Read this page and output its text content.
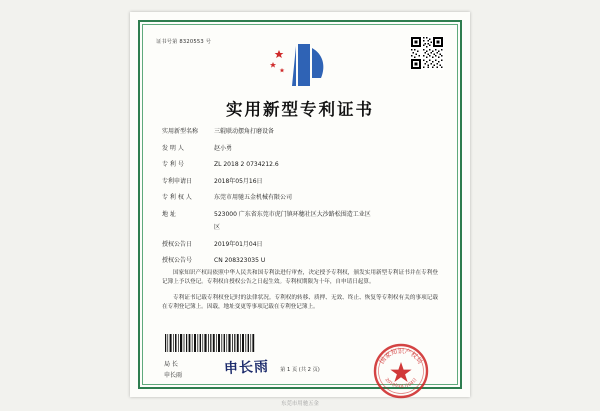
证书号第 8320553 号
实用新型专利证书
实用新型名称	三辊联动摆角打磨设备
发 明 人	赵小勇
专 利 号	ZL 2018 2 0734212.6
专利申请日	2018年05月16日
专 利 权 人	东莞市用驰五金机械有限公司
地 址	523000 广东省东莞市虎门镇环穗社区大沙路松围造工业区
区
授权公告日	2019年01月04日
授权公告号	CN 208323035 U

国家知识产权局依照中华人民共和国专利法进行审查，决定授予专利权，颁发实用新型专利证书并在专利登记簿上予以登记。专利权自授权公告之日起生效。专利权期限为十年，自申请日起算。

专利证书记载专利权登记时的法律状况。专利权的转移、质押、无效、终止、恢复等专利权有关的事项记载在专利登记簿上。因载，地址变更等事项记载在专利登记簿上。

局 长
申长雨	申长雨	国家知识产权局
2019年01月04日
第 1 页 (共 2 页)
东莞市用驰五金
